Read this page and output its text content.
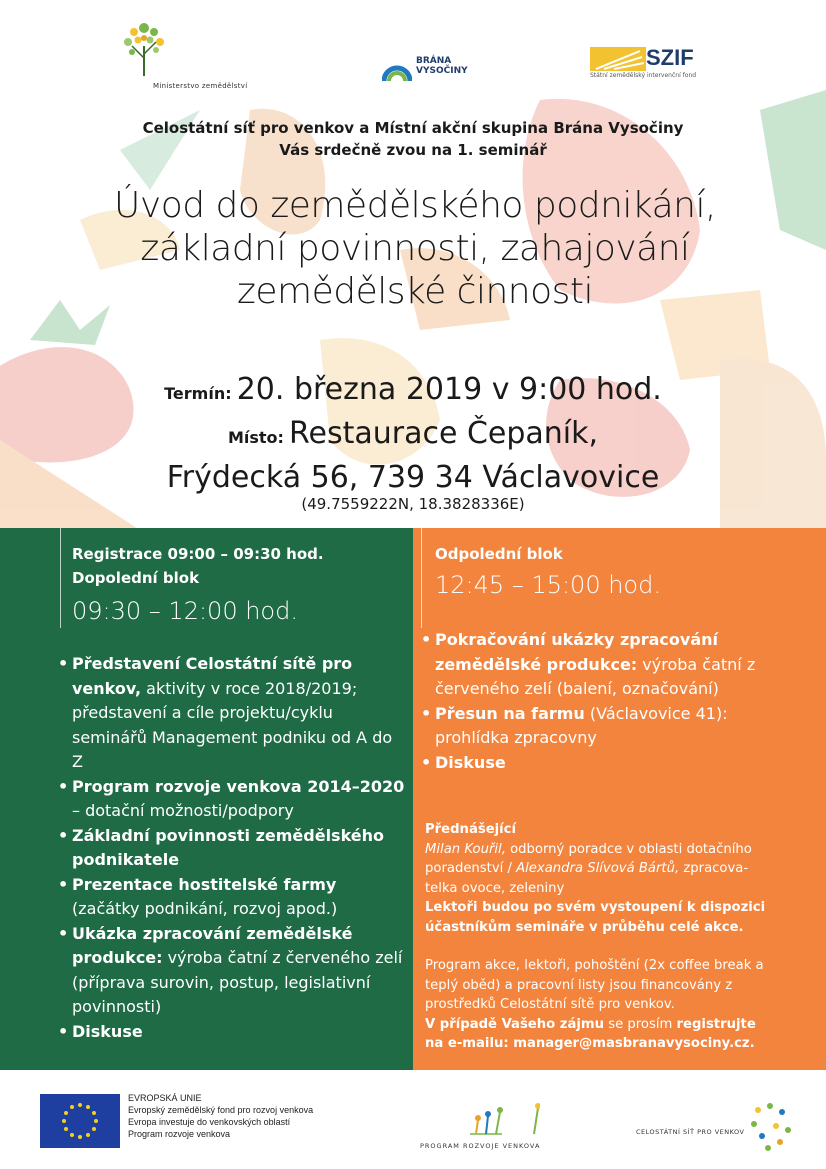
Ministerstvo zemědělství
BRÁNA
VYSOČINY
SZIF
Státní zemědělský intervenční fond
Celostátní síť pro venkov a Místní akční skupina Brána Vysočiny
Vás srdečně zvou na 1. seminář
Úvod do zemědělského podnikání,
základní povinnosti, zahajování
zemědělské činnosti
Termín: 20. března 2019 v 9:00 hod.
Místo: Restaurace Čepaník,
Frýdecká 56, 739 34 Václavovice
(49.7559222N, 18.3828336E)
Registrace 09:00 – 09:30 hod.
Dopolední blok
09:30 – 12:00 hod.
• Představení Celostátní sítě pro venkov, aktivity v roce 2018/2019; představení a cíle projektu/cyklu seminářů Management podniku od A do Z
• Program rozvoje venkova 2014–2020 – dotační možnosti/podpory
• Základní povinnosti zemědělského podnikatele
• Prezentace hostitelské farmy (začátky podnikání, rozvoj apod.)
• Ukázka zpracování zemědělské produkce: výroba čatní z červeného zelí (příprava surovin, postup, legislativní povinnosti)
• Diskuse
Odpolední blok
12:45 – 15:00 hod.
• Pokračování ukázky zpracování zemědělské produkce: výroba čatní z červeného zelí (balení, označování)
• Přesun na farmu (Václavovice 41): prohlídka zpracovny
• Diskuse

Přednášející

Milan Kouřil, odborný poradce v oblasti dotačního poradenství / Alexandra Slívová Bártů, zpracova-telka ovoce, zeleniny

Lektoři budou po svém vystoupení k dispozici účastníkům semináře v průběhu celé akce.

Program akce, lektoři, pohoštění (2x coffee break a teplý oběd) a pracovní listy jsou financovány z prostředků Celostátní sítě pro venkov.

V případě Vašeho zájmu se prosím registrujte
na e-mailu: manager@masbranavysociny.cz.

EVROPSKÁ UNIE
Evropský zemědělský fond pro rozvoj venkova
Evropa investuje do venkovských oblastí
Program rozvoje venkova
PROGRAM ROZVOJE VENKOVA
CELOSTÁTNÍ SÍŤ PRO VENKOV
